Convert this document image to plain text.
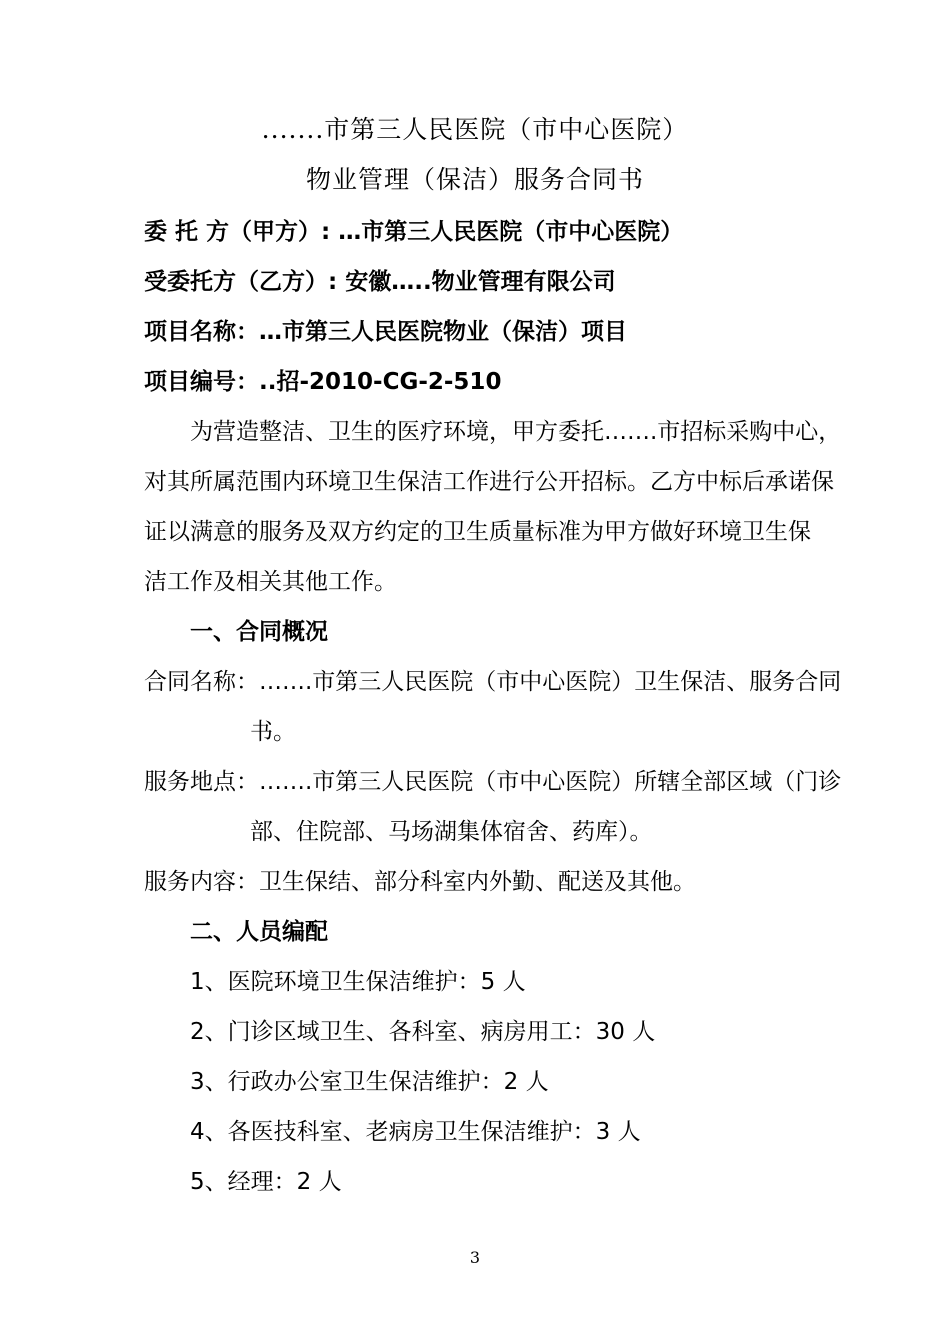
.......市第三人民医院（市中心医院）
物业管理（保洁）服务合同书
委 托 方（甲方）: …市第三人民医院（市中心医院）
受委托方（乙方）: 安徽…..物业管理有限公司
项目名称：…市第三人民医院物业（保洁）项目
项目编号：..招-2010-CG-2-510
为营造整洁、卫生的医疗环境，甲方委托…….市招标采购中心，
对其所属范围内环境卫生保洁工作进行公开招标。乙方中标后承诺保
证以满意的服务及双方约定的卫生质量标准为甲方做好环境卫生保
洁工作及相关其他工作。
一、合同概况
合同名称：…….市第三人民医院（市中心医院）卫生保洁、服务合同
书。
服务地点：…….市第三人民医院（市中心医院）所辖全部区域（门诊
部、住院部、马场湖集体宿舍、药库）。
服务内容：卫生保结、部分科室内外勤、配送及其他。
二、人员编配
1、医院环境卫生保洁维护：5 人
2、门诊区域卫生、各科室、病房用工：30 人
3、行政办公室卫生保洁维护：2 人
4、各医技科室、老病房卫生保洁维护：3 人
5、经理：2 人
3
